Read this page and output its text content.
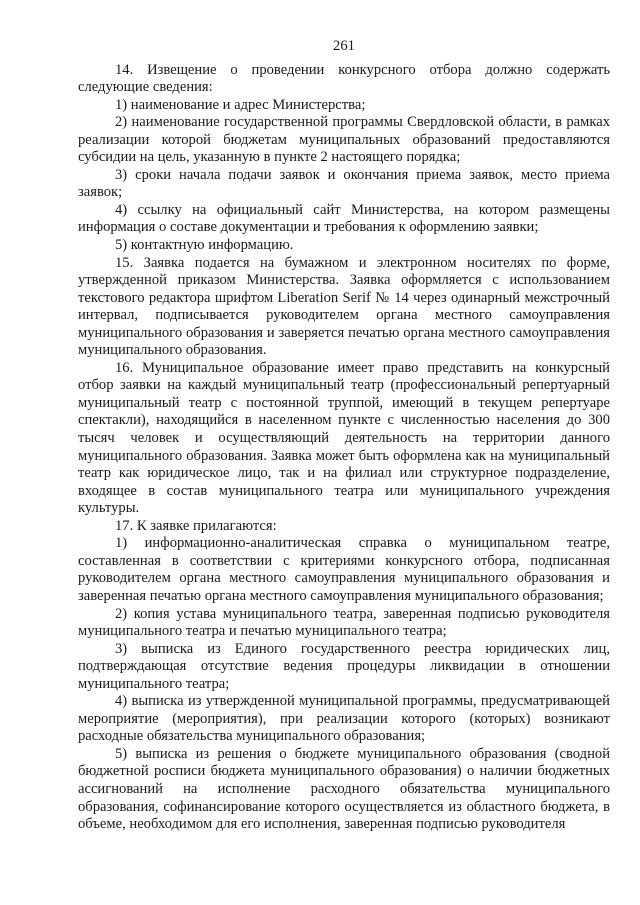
261

14. Извещение о проведении конкурсного отбора должно содержать следующие сведения:

1) наименование и адрес Министерства;

2) наименование государственной программы Свердловской области, в рамках реализации которой бюджетам муниципальных образований предоставляются субсидии на цель, указанную в пункте 2 настоящего порядка;

3) сроки начала подачи заявок и окончания приема заявок, место приема заявок;

4) ссылку на официальный сайт Министерства, на котором размещены информация о составе документации и требования к оформлению заявки;

5) контактную информацию.

15. Заявка подается на бумажном и электронном носителях по форме, утвержденной приказом Министерства. Заявка оформляется с использованием текстового редактора шрифтом Liberation Serif № 14 через одинарный межстрочный интервал, подписывается руководителем органа местного самоуправления муниципального образования и заверяется печатью органа местного самоуправления муниципального образования.

16. Муниципальное образование имеет право представить на конкурсный отбор заявки на каждый муниципальный театр (профессиональный репертуарный муниципальный театр с постоянной труппой, имеющий в текущем репертуаре спектакли), находящийся в населенном пункте с численностью населения до 300 тысяч человек и осуществляющий деятельность на территории данного муниципального образования. Заявка может быть оформлена как на муниципальный театр как юридическое лицо, так и на филиал или структурное подразделение, входящее в состав муниципального театра или муниципального учреждения культуры.

17. К заявке прилагаются:

1) информационно-аналитическая справка о муниципальном театре, составленная в соответствии с критериями конкурсного отбора, подписанная руководителем органа местного самоуправления муниципального образования и заверенная печатью органа местного самоуправления муниципального образования;

2) копия устава муниципального театра, заверенная подписью руководителя муниципального театра и печатью муниципального театра;

3) выписка из Единого государственного реестра юридических лиц, подтверждающая отсутствие ведения процедуры ликвидации в отношении муниципального театра;

4) выписка из утвержденной муниципальной программы, предусматривающей мероприятие (мероприятия), при реализации которого (которых) возникают расходные обязательства муниципального образования;

5) выписка из решения о бюджете муниципального образования (сводной бюджетной росписи бюджета муниципального образования) о наличии бюджетных ассигнований на исполнение расходного обязательства муниципального образования, софинансирование которого осуществляется из областного бюджета, в объеме, необходимом для его исполнения, заверенная подписью руководителя
